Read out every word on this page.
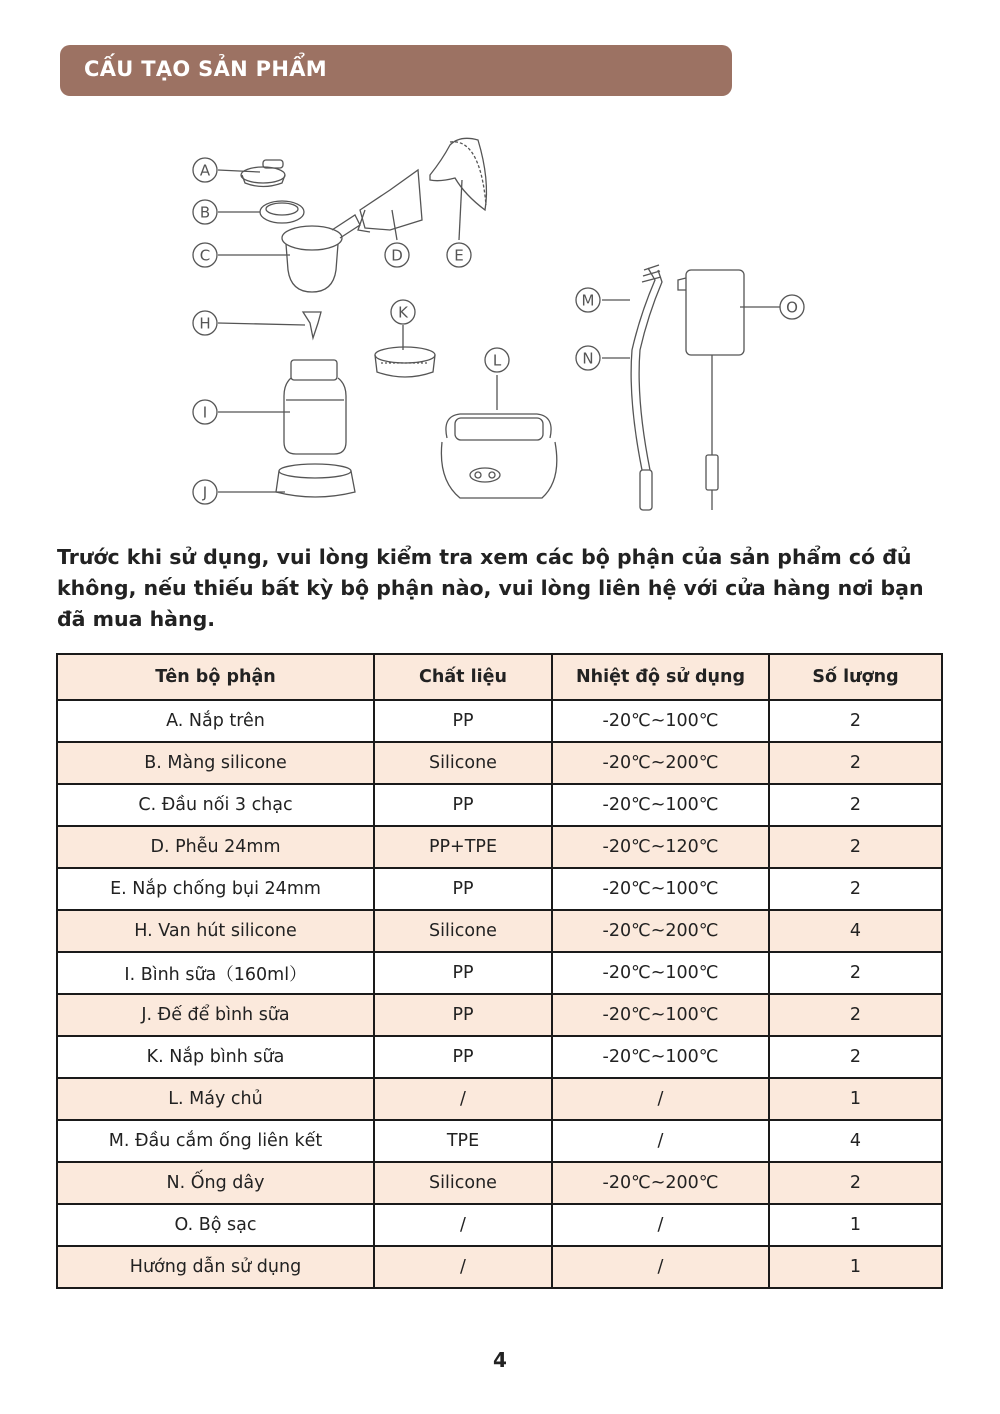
CẤU TẠO SẢN PHẨM
A
B
C	D	E
H
K
I
L
J
M
N
O

Trước khi sử dụng, vui lòng kiểm tra xem các bộ phận của sản phẩm có đủ không, nếu thiếu bất kỳ bộ phận nào, vui lòng liên hệ với cửa hàng nơi bạn đã mua hàng.

Tên bộ phận	Chất liệu	Nhiệt độ sử dụng	Số lượng
A. Nắp trên	PP	-20℃~100℃	2
B. Màng silicone	Silicone	-20℃~200℃	2
C. Đầu nối 3 chạc	PP	-20℃~100℃	2
D. Phễu 24mm	PP+TPE	-20℃~120℃	2
E. Nắp chống bụi 24mm	PP	-20℃~100℃	2
H. Van hút silicone	Silicone	-20℃~200℃	4
I. Bình sữa（160ml）	PP	-20℃~100℃	2
J. Đế để bình sữa	PP	-20℃~100℃	2
K. Nắp bình sữa	PP	-20℃~100℃	2
L. Máy chủ	/	/	1
M. Đầu cắm ống liên kết	TPE	/	4
N. Ống dây	Silicone	-20℃~200℃	2
O. Bộ sạc	/	/	1
Hướng dẫn sử dụng	/	/	1
4
